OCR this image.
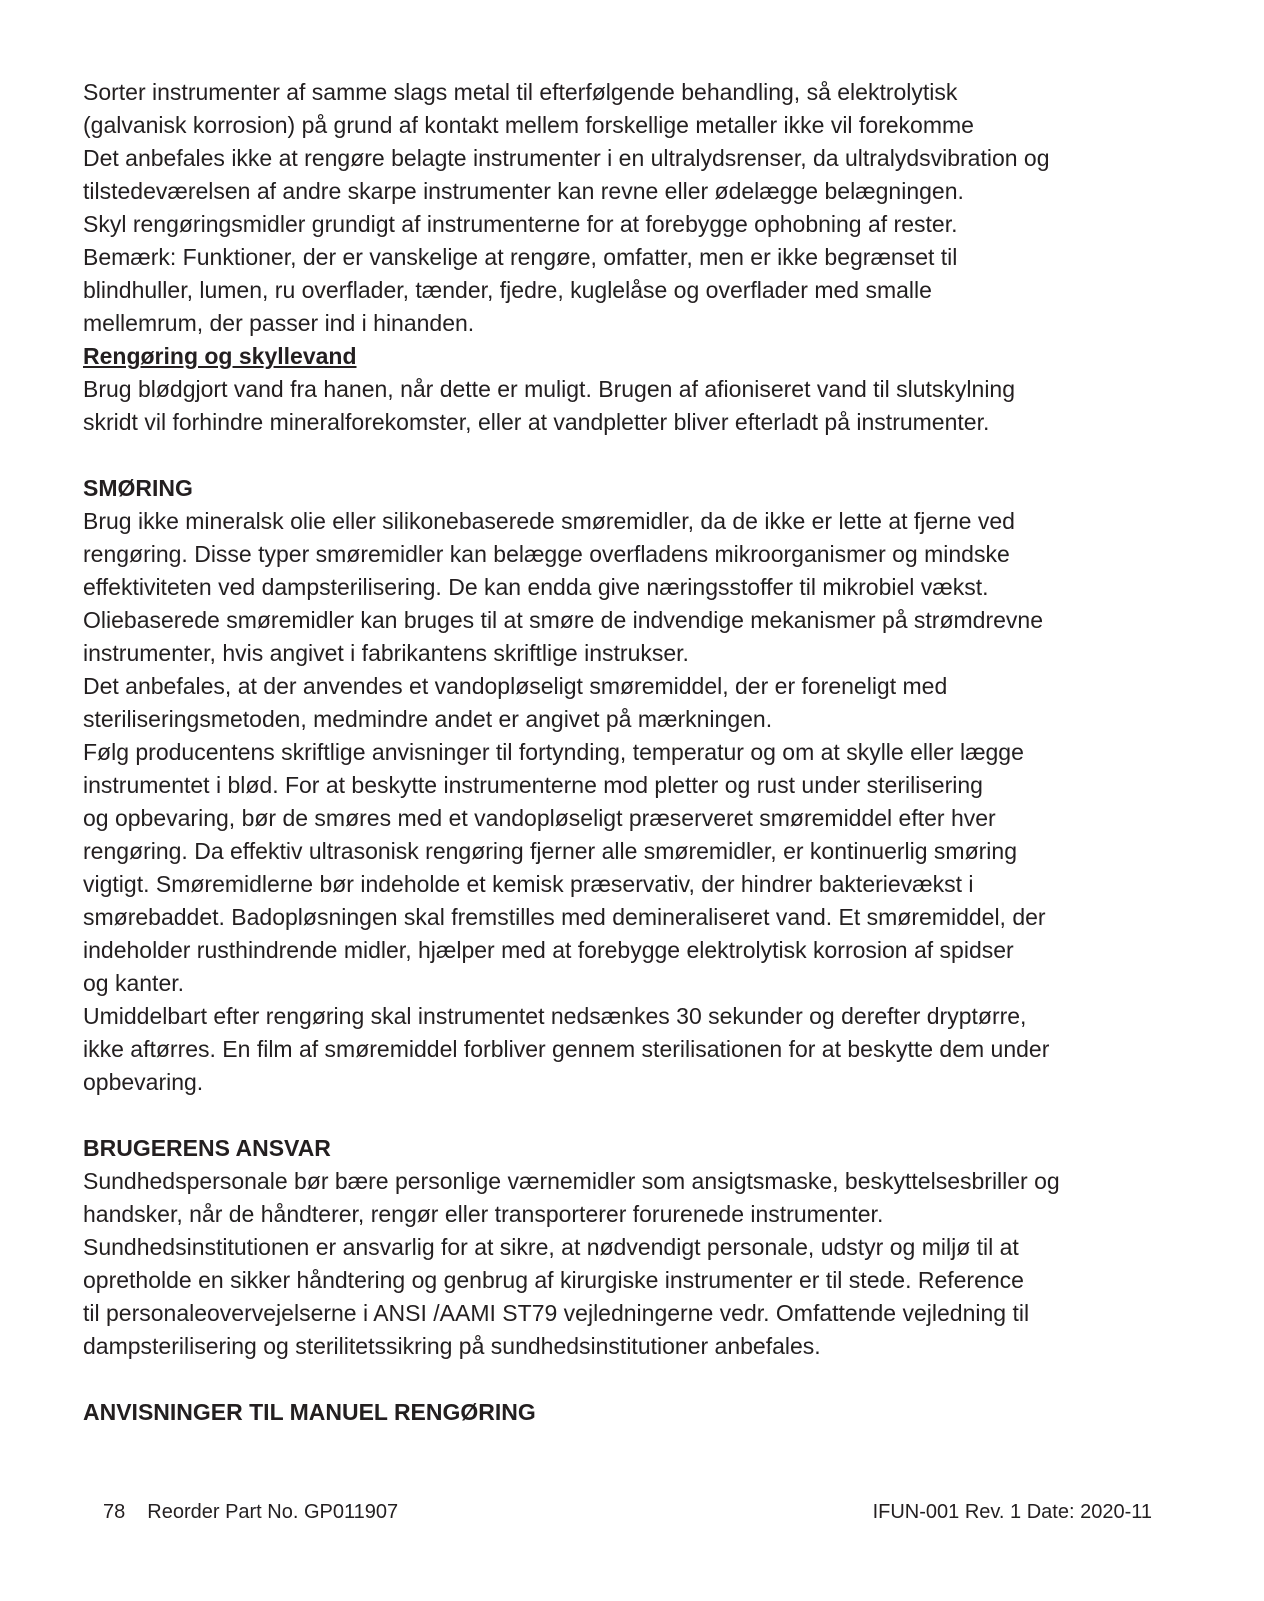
Sorter instrumenter af samme slags metal til efterfølgende behandling, så elektrolytisk
(galvanisk korrosion) på grund af kontakt mellem forskellige metaller ikke vil forekomme
Det anbefales ikke at rengøre belagte instrumenter i en ultralydsrenser, da ultralydsvibration og
tilstedeværelsen af andre skarpe instrumenter kan revne eller ødelægge belægningen.
Skyl rengøringsmidler grundigt af instrumenterne for at forebygge ophobning af rester.
Bemærk: Funktioner, der er vanskelige at rengøre, omfatter, men er ikke begrænset til
blindhuller, lumen, ru overflader, tænder, fjedre, kuglelåse og overflader med smalle
mellemrum, der passer ind i hinanden.
Rengøring og skyllevand
Brug blødgjort vand fra hanen, når dette er muligt. Brugen af afioniseret vand til slutskylning
skridt vil forhindre mineralforekomster, eller at vandpletter bliver efterladt på instrumenter.
SMØRING
Brug ikke mineralsk olie eller silikonebaserede smøremidler, da de ikke er lette at fjerne ved
rengøring. Disse typer smøremidler kan belægge overfladens mikroorganismer og mindske
effektiviteten ved dampsterilisering. De kan endda give næringsstoffer til mikrobiel vækst.
Oliebaserede smøremidler kan bruges til at smøre de indvendige mekanismer på strømdrevne
instrumenter, hvis angivet i fabrikantens skriftlige instrukser.
Det anbefales, at der anvendes et vandopløseligt smøremiddel, der er foreneligt med
steriliseringsmetoden, medmindre andet er angivet på mærkningen.
Følg producentens skriftlige anvisninger til fortynding, temperatur og om at skylle eller lægge
instrumentet i blød. For at beskytte instrumenterne mod pletter og rust under sterilisering
og opbevaring, bør de smøres med et vandopløseligt præserveret smøremiddel efter hver
rengøring. Da effektiv ultrasonisk rengøring fjerner alle smøremidler, er kontinuerlig smøring
vigtigt. Smøremidlerne bør indeholde et kemisk præservativ, der hindrer bakterievækst i
smørebaddet. Badopløsningen skal fremstilles med demineraliseret vand. Et smøremiddel, der
indeholder rusthindrende midler, hjælper med at forebygge elektrolytisk korrosion af spidser
og kanter.
Umiddelbart efter rengøring skal instrumentet nedsænkes 30 sekunder og derefter dryptørre,
ikke aftørres. En film af smøremiddel forbliver gennem sterilisationen for at beskytte dem under
opbevaring.
BRUGERENS ANSVAR
Sundhedspersonale bør bære personlige værnemidler som ansigtsmaske, beskyttelsesbriller og
handsker, når de håndterer, rengør eller transporterer forurenede instrumenter.
Sundhedsinstitutionen er ansvarlig for at sikre, at nødvendigt personale, udstyr og miljø til at
opretholde en sikker håndtering og genbrug af kirurgiske instrumenter er til stede. Reference
til personaleovervejelserne i ANSI /AAMI ST79 vejledningerne vedr. Omfattende vejledning til
dampsterilisering og sterilitetssikring på sundhedsinstitutioner anbefales.
ANVISNINGER TIL MANUEL RENGØRING
78 Reorder Part No. GP011907	IFUN-001 Rev. 1 Date: 2020-11
